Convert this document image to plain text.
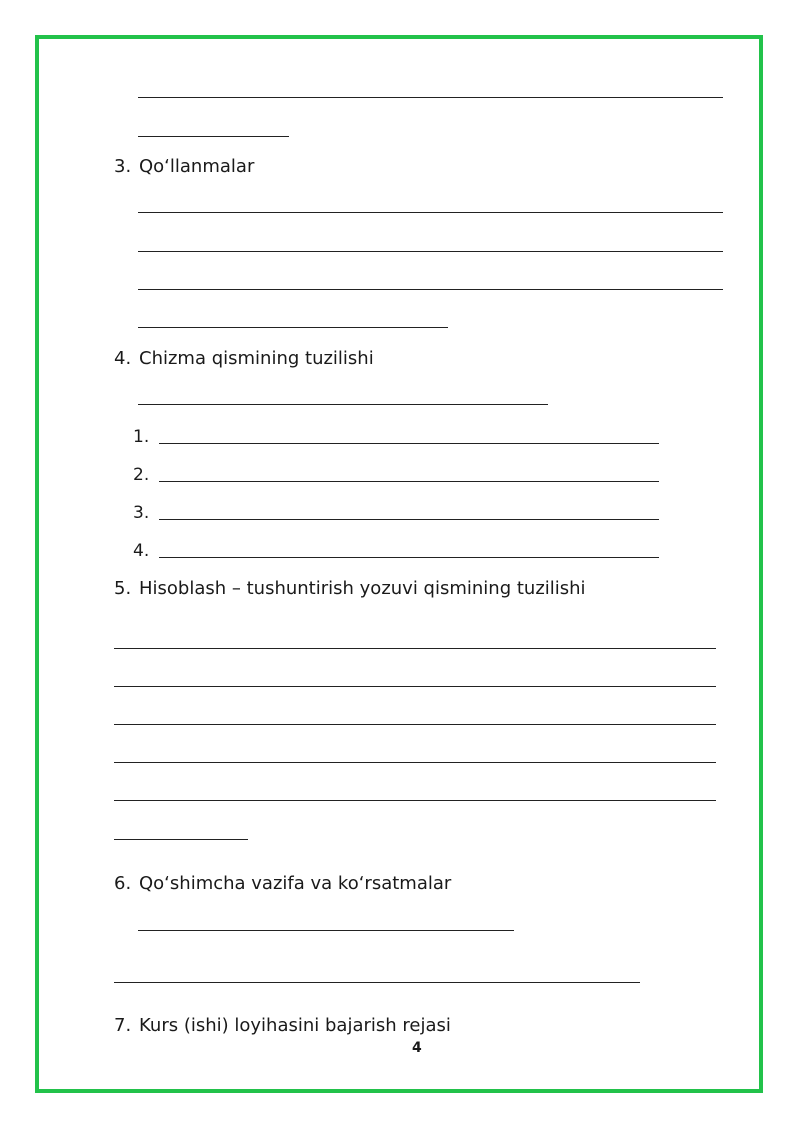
3. Qo‘llanmalar
4. Chizma qismining tuzilishi
1.
2.
3.
4.
5. Hisoblash – tushuntirish yozuvi qismining tuzilishi
6. Qo‘shimcha vazifa va ko‘rsatmalar
7. Kurs (ishi) loyihasini bajarish rejasi
4
